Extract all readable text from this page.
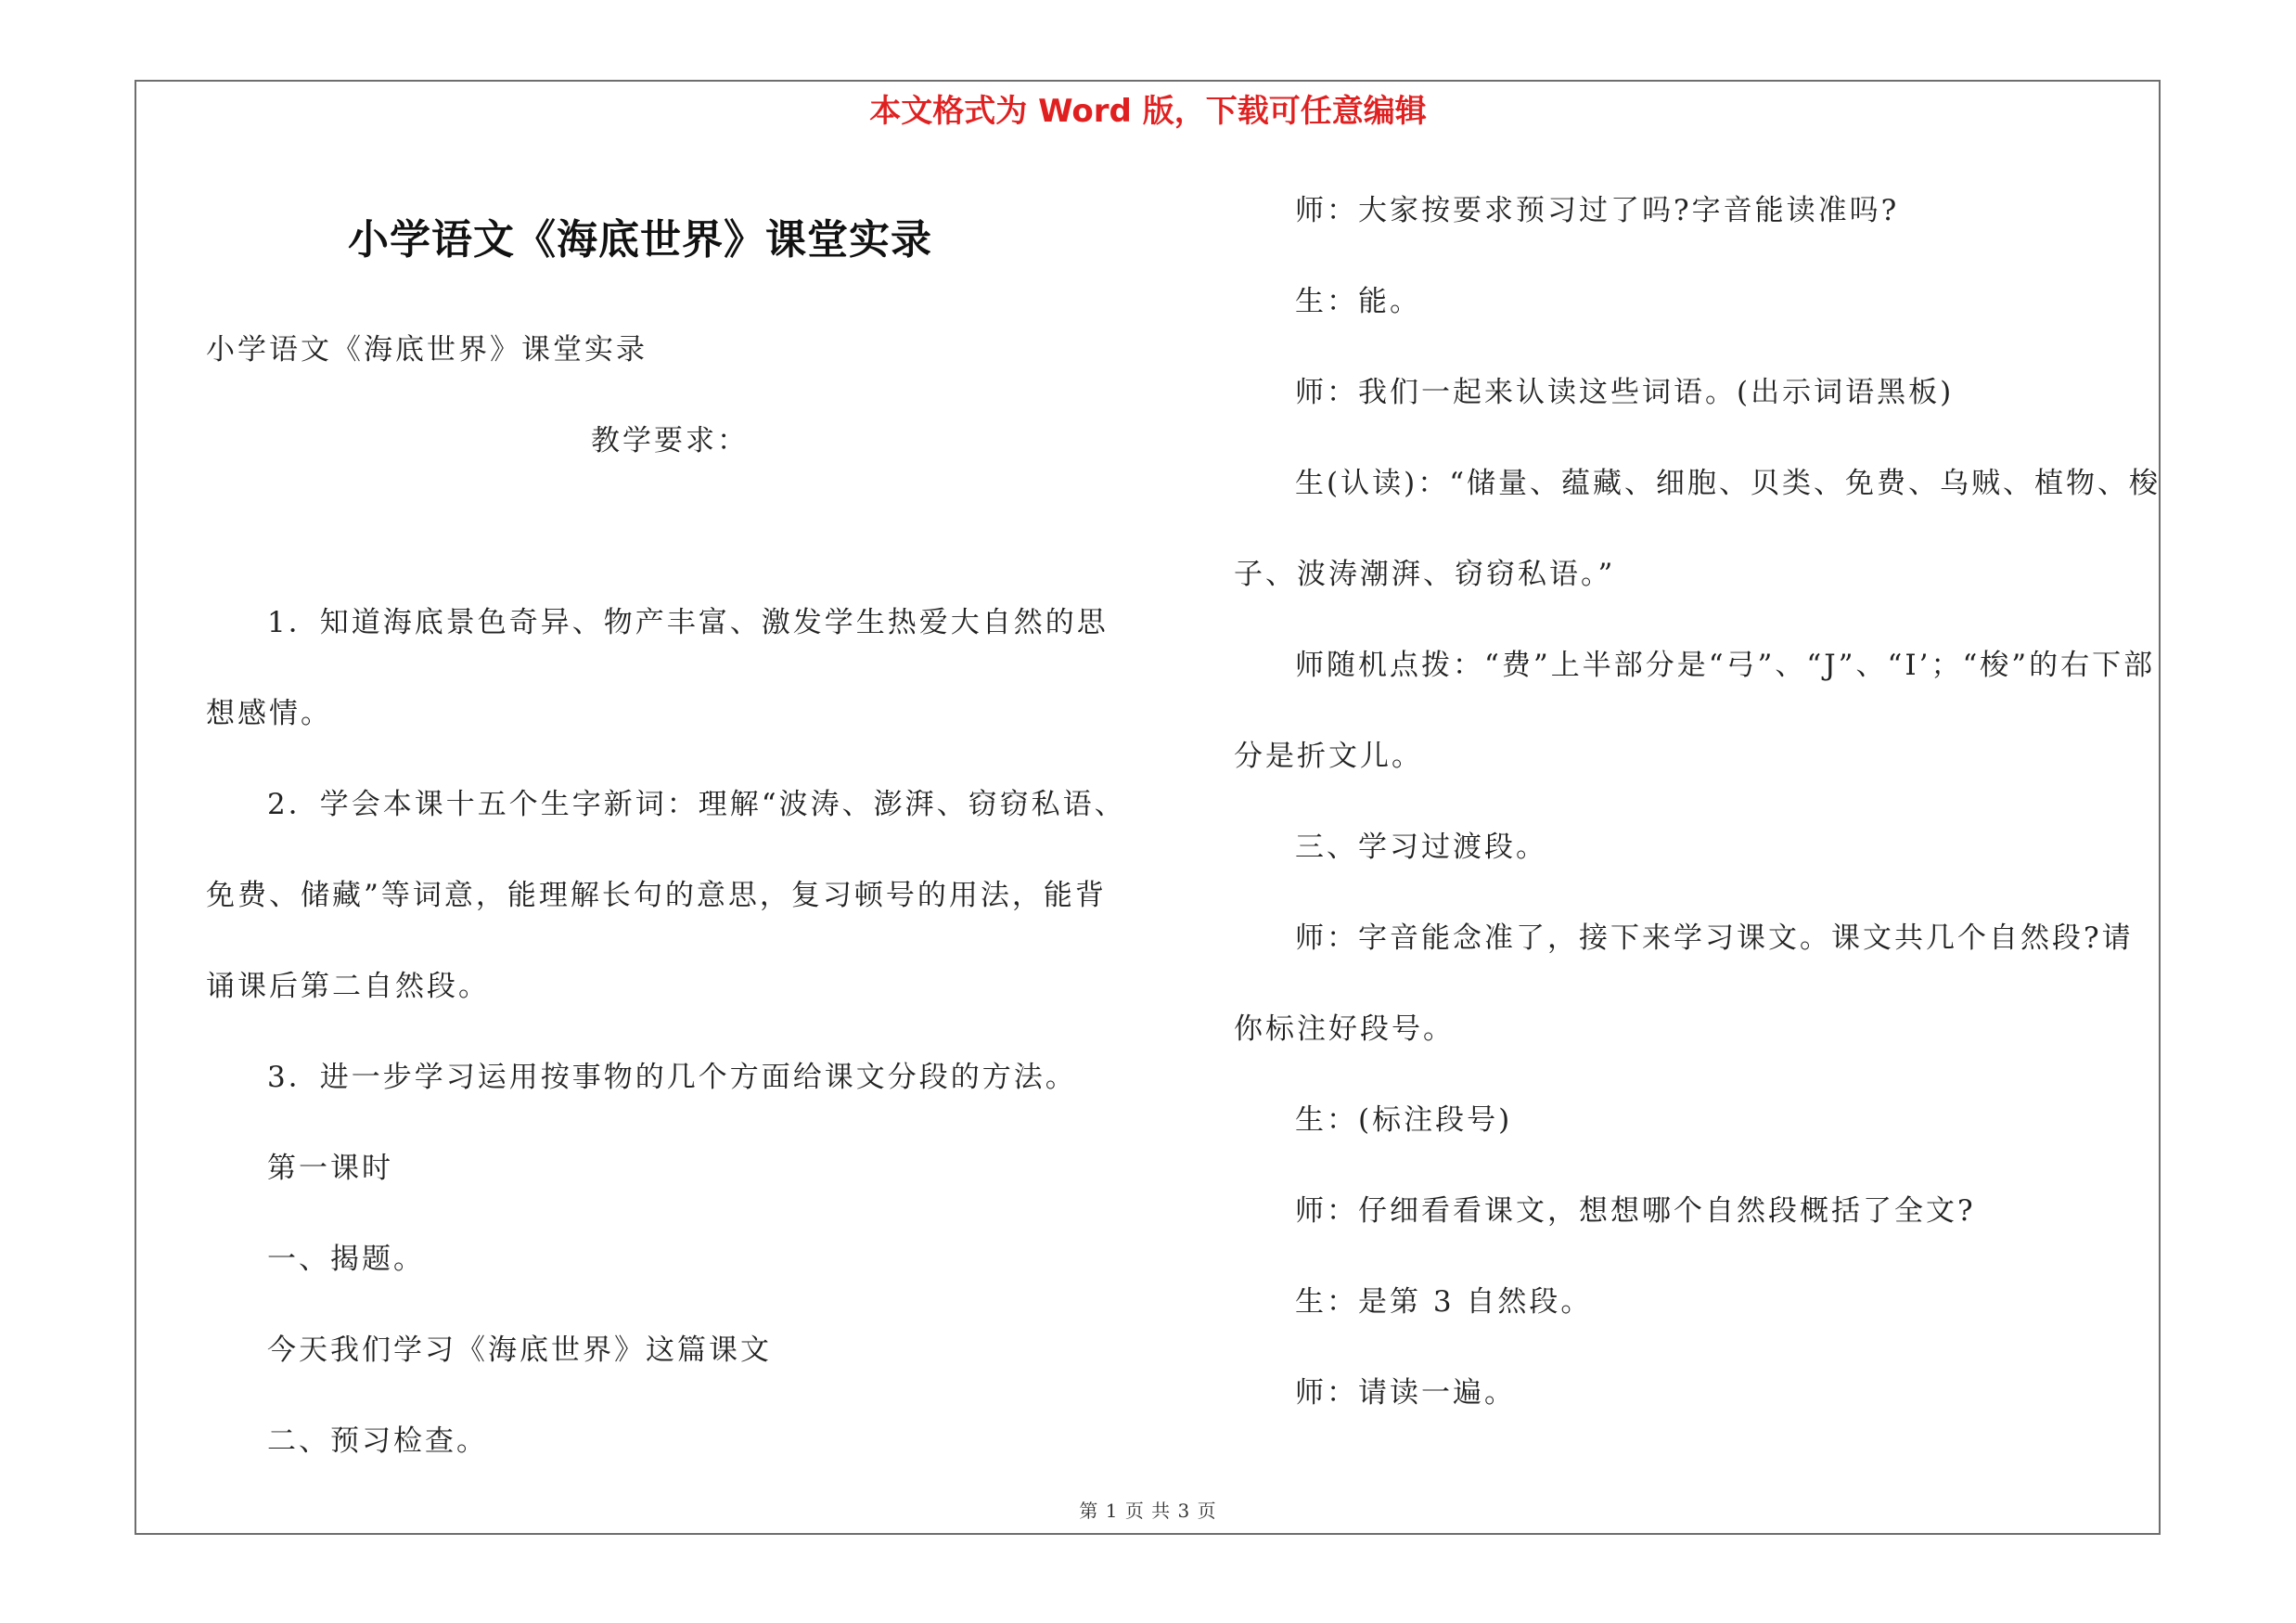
本文格式为 Word 版，下载可任意编辑
小学语文《海底世界》课堂实录

小学语文《海底世界》课堂实录

教学要求：

1．知道海底景色奇异、物产丰富、激发学生热爱大自然的思想感情。

2．学会本课十五个生字新词：理解“波涛、澎湃、窃窃私语、免费、储藏”等词意，能理解长句的意思，复习顿号的用法，能背诵课后第二自然段。

3．进一步学习运用按事物的几个方面给课文分段的方法。

第一课时

一、揭题。

今天我们学习《海底世界》这篇课文

二、预习检查。

师：大家按要求预习过了吗?字音能读准吗?

生：能。

师：我们一起来认读这些词语。(出示词语黑板)

生(认读)：“储量、蕴藏、细胞、贝类、免费、乌贼、植物、梭子、波涛潮湃、窃窃私语。”

师随机点拨：“费”上半部分是“弓”、“J”、“I’；“梭”的右下部分是折文儿。

三、学习过渡段。

师：字音能念准了，接下来学习课文。课文共几个自然段?请你标注好段号。

生：(标注段号)

师：仔细看看课文，想想哪个自然段概括了全文?

生：是第 3 自然段。

师：请读一遍。

第 1 页 共 3 页
